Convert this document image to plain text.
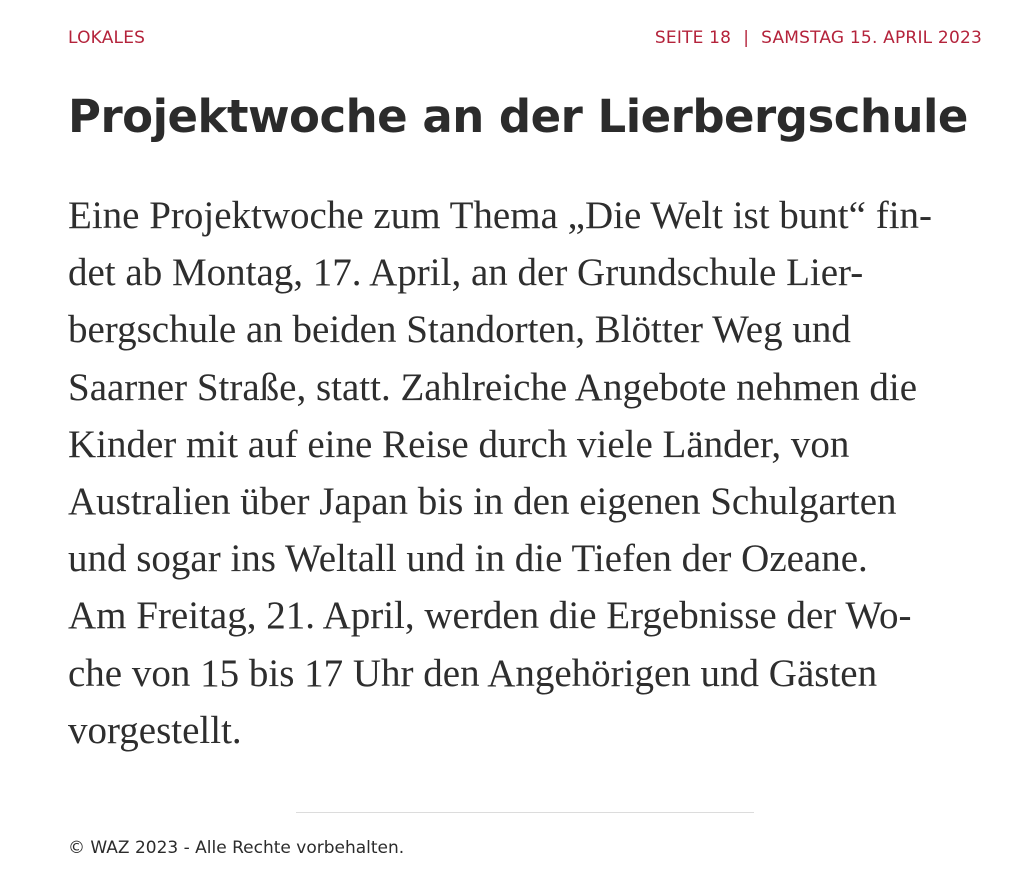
LOKALES	SEITE 18 | SAMSTAG 15. APRIL 2023
Projektwoche an der Lierbergschule
Eine Projektwoche zum Thema „Die Welt ist bunt“ fin-
det ab Montag, 17. April, an der Grundschule Lier-
bergschule an beiden Standorten, Blötter Weg und
Saarner Straße, statt. Zahlreiche Angebote nehmen die
Kinder mit auf eine Reise durch viele Länder, von
Australien über Japan bis in den eigenen Schulgarten
und sogar ins Weltall und in die Tiefen der Ozeane.
Am Freitag, 21. April, werden die Ergebnisse der Wo-
che von 15 bis 17 Uhr den Angehörigen und Gästen
vorgestellt.
© WAZ 2023 - Alle Rechte vorbehalten.
